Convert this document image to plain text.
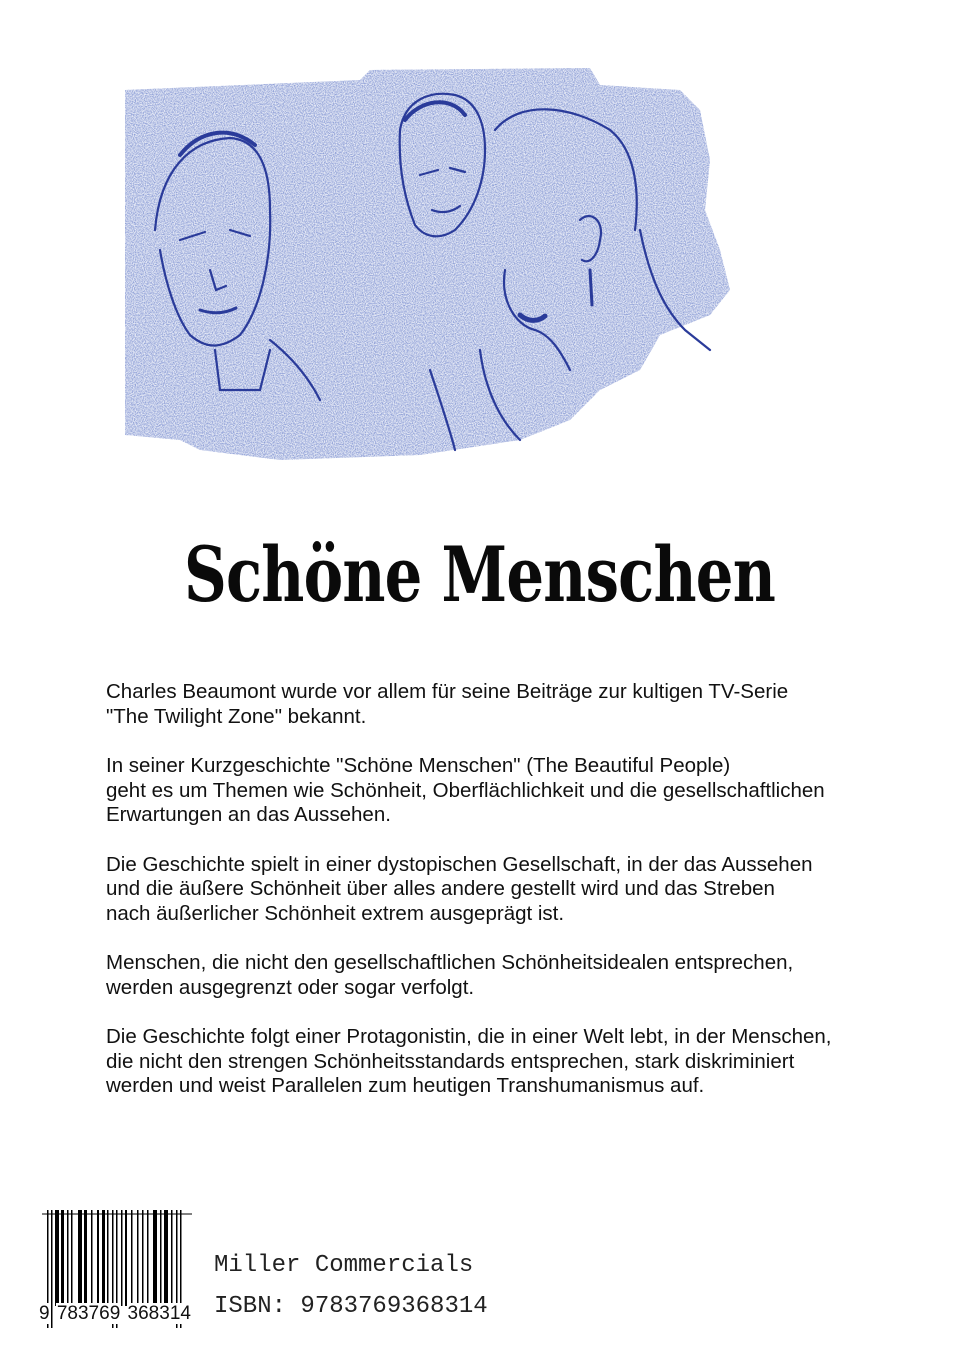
Schöne Menschen

Charles Beaumont wurde vor allem für seine Beiträge zur kultigen TV-Serie
"The Twilight Zone" bekannt.

In seiner Kurzgeschichte "Schöne Menschen" (The Beautiful People)
geht es um Themen wie Schönheit, Oberflächlichkeit und die gesellschaftlichen
Erwartungen an das Aussehen.

Die Geschichte spielt in einer dystopischen Gesellschaft, in der das Aussehen
und die äußere Schönheit über alles andere gestellt wird und das Streben
nach äußerlicher Schönheit extrem ausgeprägt ist.

Menschen, die nicht den gesellschaftlichen Schönheitsidealen entsprechen,
werden ausgegrenzt oder sogar verfolgt.

Die Geschichte folgt einer Protagonistin, die in einer Welt lebt, in der Menschen,
die nicht den strengen Schönheitsstandards entsprechen, stark diskriminiert
werden und weist Parallelen zum heutigen Transhumanismus auf.

9 783769 368314
Miller Commercials
ISBN: 9783769368314
